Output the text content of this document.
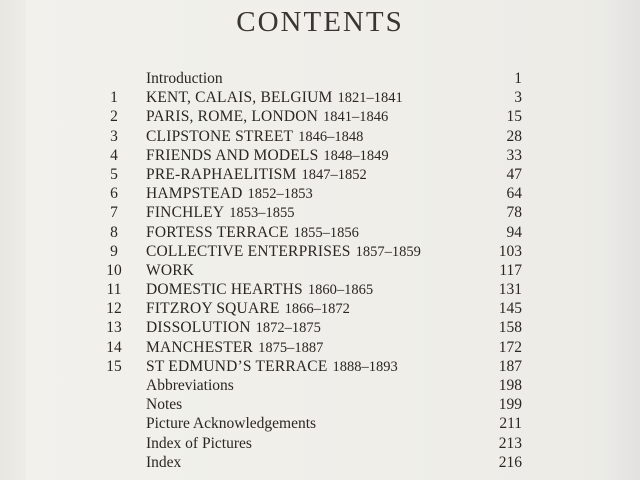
CONTENTS
Introduction	1
1	KENT, CALAIS, BELGIUM 1821–1841	3
2	PARIS, ROME, LONDON 1841–1846	15
3	CLIPSTONE STREET 1846–1848	28
4	FRIENDS AND MODELS 1848–1849	33
5	PRE-RAPHAELITISM 1847–1852	47
6	HAMPSTEAD 1852–1853	64
7	FINCHLEY 1853–1855	78
8	FORTESS TERRACE 1855–1856	94
9	COLLECTIVE ENTERPRISES 1857–1859	103
10	WORK	117
11	DOMESTIC HEARTHS 1860–1865	131
12	FITZROY SQUARE 1866–1872	145
13	DISSOLUTION 1872–1875	158
14	MANCHESTER 1875–1887	172
15	ST EDMUND’S TERRACE 1888–1893	187
Abbreviations	198
Notes	199
Picture Acknowledgements	211
Index of Pictures	213
Index	216
